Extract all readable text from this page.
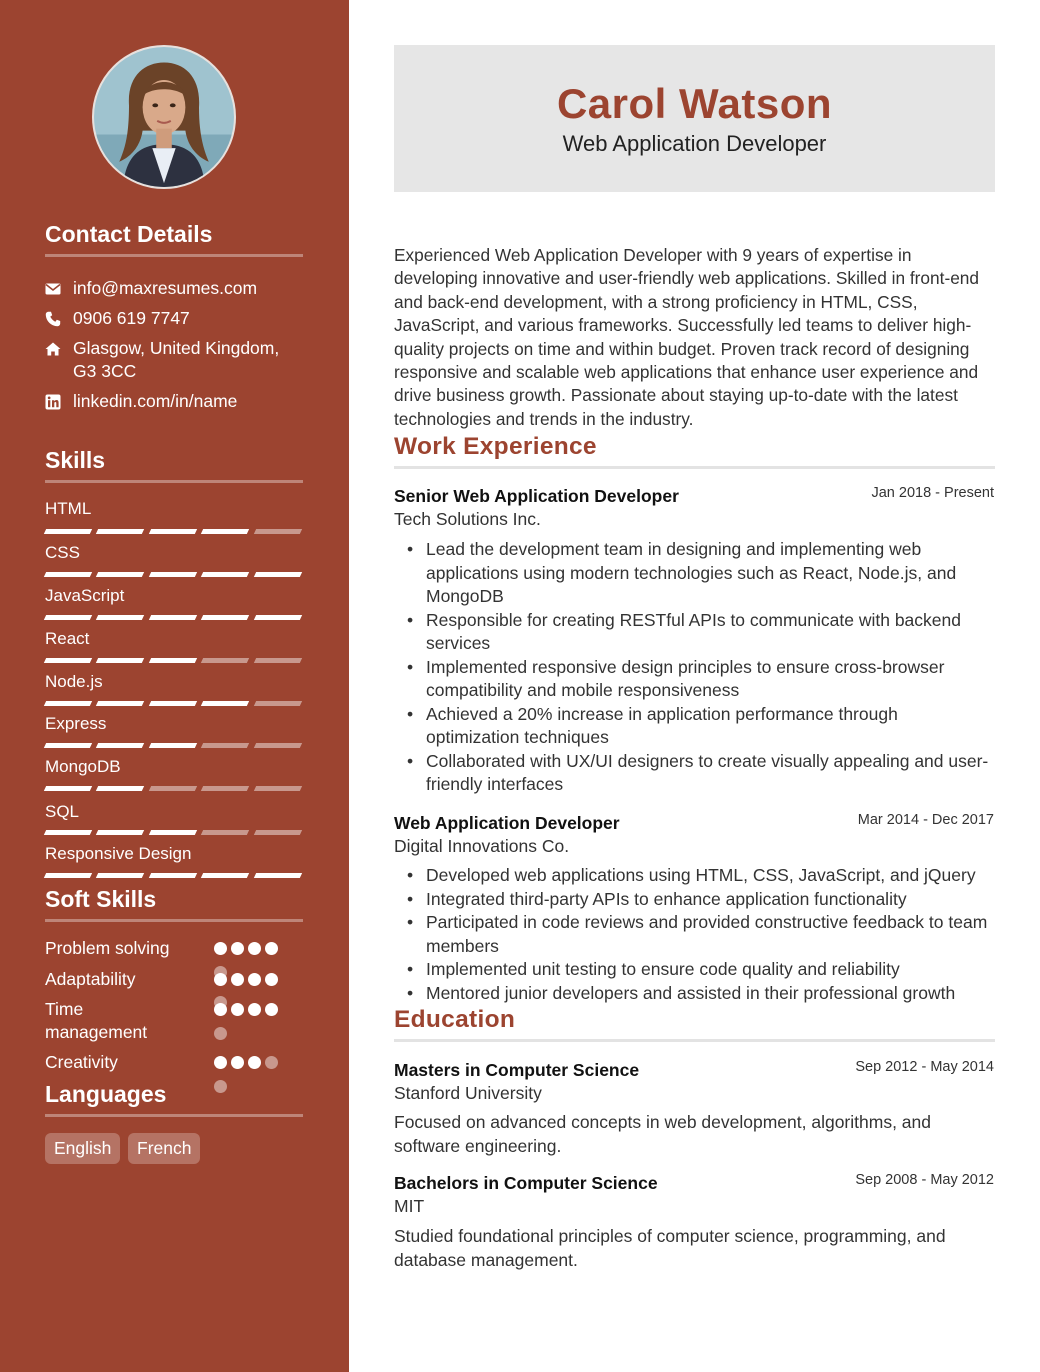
Contact Details
info@maxresumes.com
0906 619 7747
Glasgow, United Kingdom,
G3 3CC
linkedin.com/in/name
Skills
HTML
CSS
JavaScript
React
Node.js
Express
MongoDB
SQL
Responsive Design
Soft Skills
Problem solving
Adaptability
Time
management
Creativity
Languages
English	French
Carol Watson
Web Application Developer

Experienced Web Application Developer with 9 years of expertise in developing innovative and user-friendly web applications. Skilled in front-end and back-end development, with a strong proficiency in HTML, CSS, JavaScript, and various frameworks. Successfully led teams to deliver high-quality projects on time and within budget. Proven track record of designing responsive and scalable web applications that enhance user experience and drive business growth. Passionate about staying up-to-date with the latest technologies and trends in the industry.

Work Experience
Senior Web Application Developer	Jan 2018 - Present
Tech Solutions Inc.
• Lead the development team in designing and implementing web applications using modern technologies such as React, Node.js, and MongoDB
• Responsible for creating RESTful APIs to communicate with backend services
• Implemented responsive design principles to ensure cross-browser compatibility and mobile responsiveness
• Achieved a 20% increase in application performance through optimization techniques
• Collaborated with UX/UI designers to create visually appealing and user-friendly interfaces
Web Application Developer	Mar 2014 - Dec 2017
Digital Innovations Co.
• Developed web applications using HTML, CSS, JavaScript, and jQuery
• Integrated third-party APIs to enhance application functionality
• Participated in code reviews and provided constructive feedback to team members
• Implemented unit testing to ensure code quality and reliability
• Mentored junior developers and assisted in their professional growth
Education
Masters in Computer Science	Sep 2012 - May 2014
Stanford University

Focused on advanced concepts in web development, algorithms, and software engineering.

Bachelors in Computer Science	Sep 2008 - May 2012
MIT

Studied foundational principles of computer science, programming, and database management.
